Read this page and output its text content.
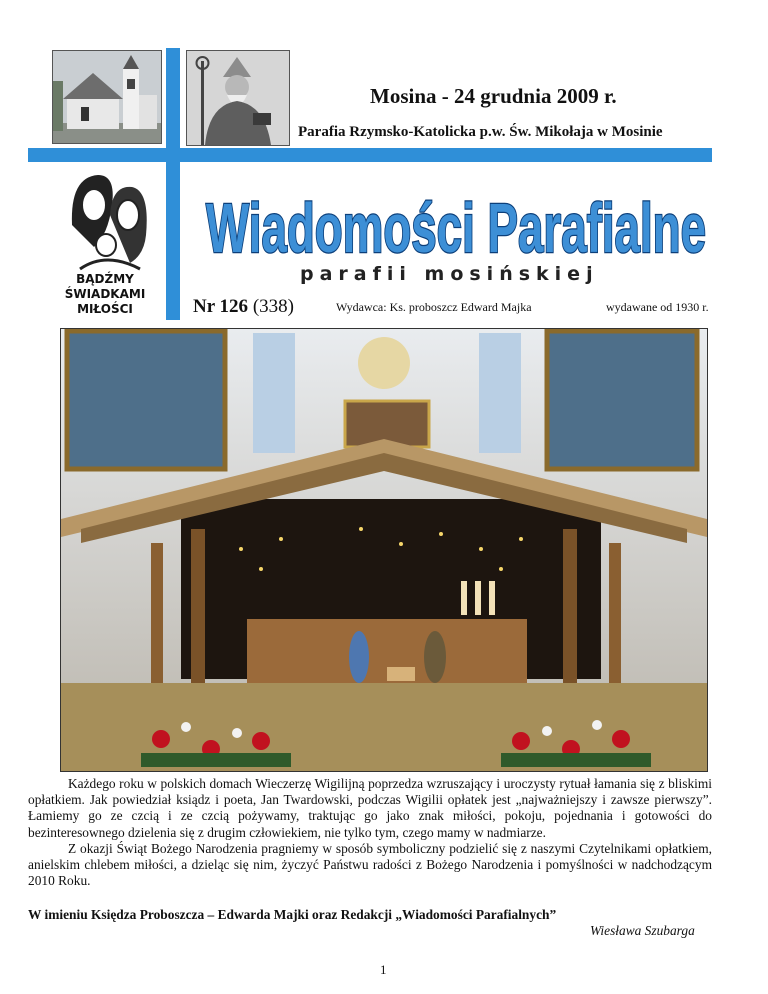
Mosina - 24 grudnia 2009 r.
Parafia Rzymsko-Katolicka p.w. Św. Mikołaja w Mosinie
BĄDŹMY
ŚWIADKAMI
MIŁOŚCI
Wiadomości Parafialne
parafii mosińskiej
Nr 126 (338)	Wydawca: Ks. proboszcz Edward Majka	wydawane od 1930 r.

Każdego roku w polskich domach Wieczerzę Wigilijną poprzedza wzruszający i uroczysty rytuał łamania się z bliskimi opłatkiem. Jak powiedział ksiądz i poeta, Jan Twardowski, podczas Wigilii opłatek jest „najważniejszy i zawsze pierwszy”. Łamiemy go ze czcią i ze czcią pożywamy, traktując go jako znak miłości, pokoju, pojednania i gotowości do bezinteresownego dzielenia się z drugim człowiekiem, nie tylko tym, czego mamy w nadmiarze.

Z okazji Świąt Bożego Narodzenia pragniemy w sposób symboliczny podzielić się z naszymi Czytelnikami opłatkiem, anielskim chlebem miłości, a dzieląc się nim, życzyć Państwu radości z Bożego Narodzenia i pomyślności w nadchodzącym 2010 Roku.

W imieniu Księdza Proboszcza – Edwarda Majki oraz Redakcji „Wiadomości Parafialnych”
Wiesława Szubarga
1
